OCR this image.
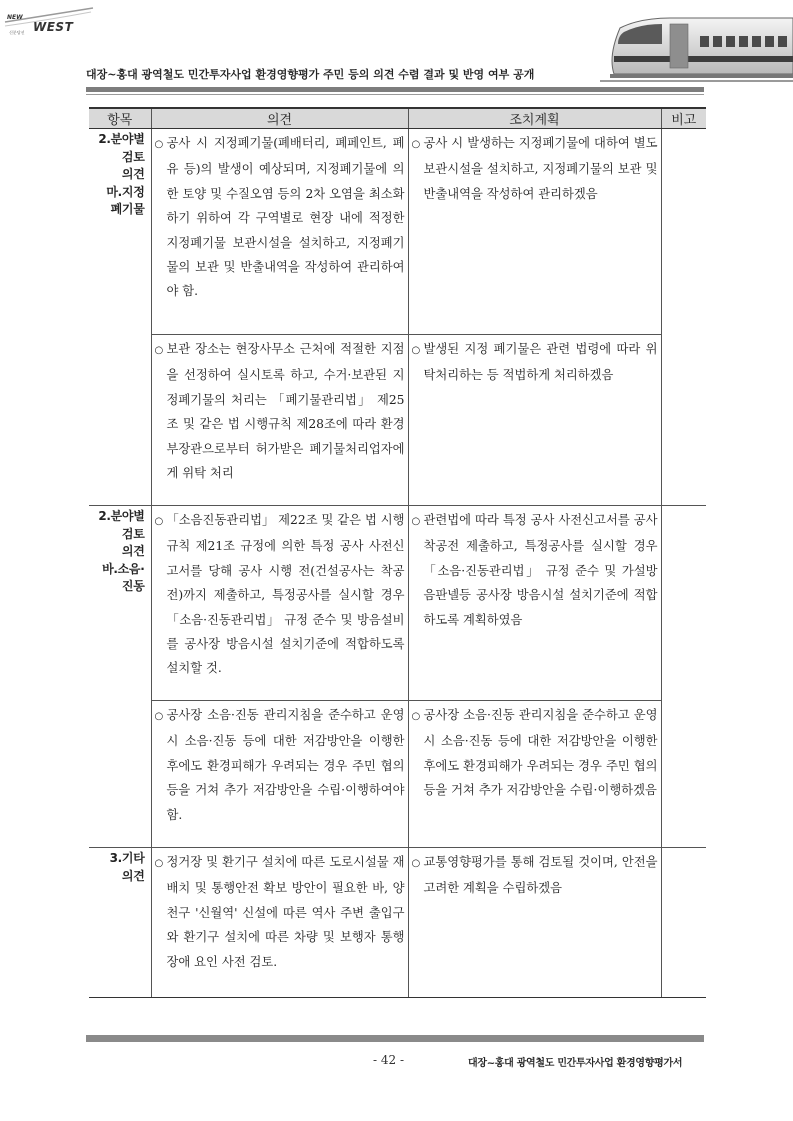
NEW
WEST
신분당선
대장~홍대 광역철도 민간투자사업 환경영향평가 주민 등의 의견 수렴 결과 및 반영 여부 공개
항목	의견	조치계획	비고

2.분야별
검토
의견
마.지정
폐기물	○ 공사 시 지정폐기물(폐배터리, 폐페인트, 폐유 등)의 발생이 예상되며, 지정폐기물에 의한 토양 및 수질오염 등의 2차 오염을 최소화하기 위하여 각 구역별로 현장 내에 적정한 지정폐기물 보관시설을 설치하고, 지정폐기물의 보관 및 반출내역을 작성하여 관리하여야 함.	○ 공사 시 발생하는 지정폐기물에 대하여 별도 보관시설을 설치하고, 지정폐기물의 보관 및 반출내역을 작성하여 관리하겠음	

	○ 보관 장소는 현장사무소 근처에 적절한 지점을 선정하여 실시토록 하고, 수거·보관된 지정폐기물의 처리는 「폐기물관리법」 제25조 및 같은 법 시행규칙 제28조에 따라 환경부장관으로부터 허가받은 폐기물처리업자에게 위탁 처리	○ 발생된 지정 폐기물은 관련 법령에 따라 위탁처리하는 등 적법하게 처리하겠음	

2.분야별
검토
의견
바.소음·
진동	○ 「소음진동관리법」 제22조 및 같은 법 시행규칙 제21조 규정에 의한 특정 공사 사전신고서를 당해 공사 시행 전(건설공사는 착공 전)까지 제출하고, 특정공사를 실시할 경우 「소음·진동관리법」 규정 준수 및 방음설비를 공사장 방음시설 설치기준에 적합하도록 설치할 것.	○ 관련법에 따라 특정 공사 사전신고서를 공사 착공전 제출하고, 특정공사를 실시할 경우 「소음·진동관리법」 규정 준수 및 가설방음판넬등 공사장 방음시설 설치기준에 적합하도록 계획하였음	

	○ 공사장 소음·진동 관리지침을 준수하고 운영 시 소음·진동 등에 대한 저감방안을 이행한 후에도 환경피해가 우려되는 경우 주민 협의 등을 거쳐 추가 저감방안을 수립·이행하여야 함.	○ 공사장 소음·진동 관리지침을 준수하고 운영 시 소음·진동 등에 대한 저감방안을 이행한 후에도 환경피해가 우려되는 경우 주민 협의 등을 거쳐 추가 저감방안을 수립·이행하겠음	

3.기타
의견	○ 정거장 및 환기구 설치에 따른 도로시설물 재배치 및 통행안전 확보 방안이 필요한 바, 양천구 '신월역' 신설에 따른 역사 주변 출입구와 환기구 설치에 따른 차량 및 보행자 통행 장애 요인 사전 검토.	○ 교통영향평가를 통해 검토될 것이며, 안전을 고려한 계획을 수립하겠음	

- 42 -	대장~홍대 광역철도 민간투자사업 환경영향평가서
